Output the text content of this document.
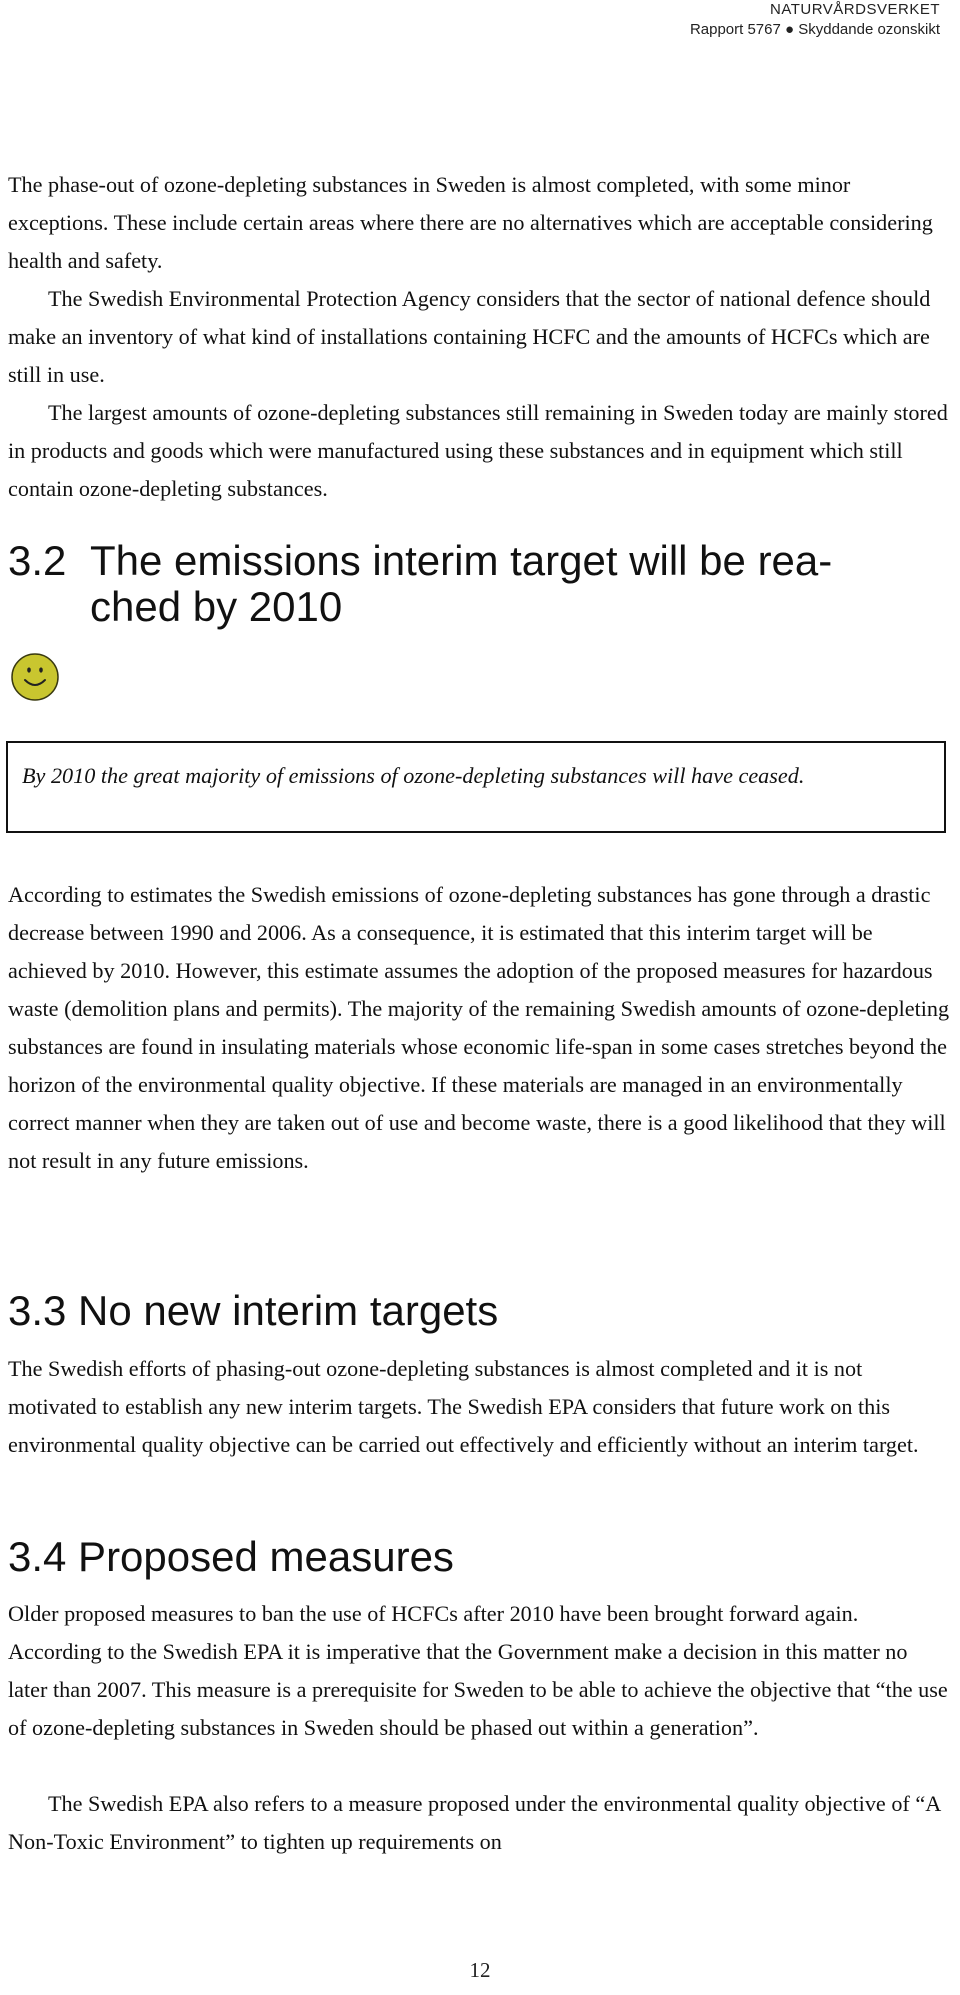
NATURVÅRDSVERKET
Rapport 5767 ● Skyddande ozonskikt

The phase-out of ozone-depleting substances in Sweden is almost completed, with some minor exceptions. These include certain areas where there are no alternatives which are acceptable considering health and safety.

The Swedish Environmental Protection Agency considers that the sector of national defence should make an inventory of what kind of installations containing HCFC and the amounts of HCFCs which are still in use.

The largest amounts of ozone-depleting substances still remaining in Sweden today are mainly stored in products and goods which were manufactured using these substances and in equipment which still contain ozone-depleting substances.

3.2 The emissions interim target will be rea-
ched by 2010

By 2010 the great majority of emissions of ozone-depleting substances will have ceased.

According to estimates the Swedish emissions of ozone-depleting substances has gone through a drastic decrease between 1990 and 2006. As a consequence, it is estimated that this interim target will be achieved by 2010. However, this estimate assumes the adoption of the proposed measures for hazardous waste (demolition plans and permits). The majority of the remaining Swedish amounts of ozone-depleting substances are found in insulating materials whose economic life-span in some cases stretches beyond the horizon of the environmental quality objective. If these materials are managed in an environmentally correct manner when they are taken out of use and become waste, there is a good likelihood that they will not result in any future emissions.

3.3 No new interim targets

The Swedish efforts of phasing-out ozone-depleting substances is almost completed and it is not motivated to establish any new interim targets. The Swedish EPA considers that future work on this environmental quality objective can be carried out effectively and efficiently without an interim target.

3.4 Proposed measures

Older proposed measures to ban the use of HCFCs after 2010 have been brought forward again. According to the Swedish EPA it is imperative that the Government make a decision in this matter no later than 2007. This measure is a prerequisite for Sweden to be able to achieve the objective that “the use of ozone-depleting substances in Sweden should be phased out within a generation”.

The Swedish EPA also refers to a measure proposed under the environmental quality objective of “A Non-Toxic Environment” to tighten up requirements on

12
